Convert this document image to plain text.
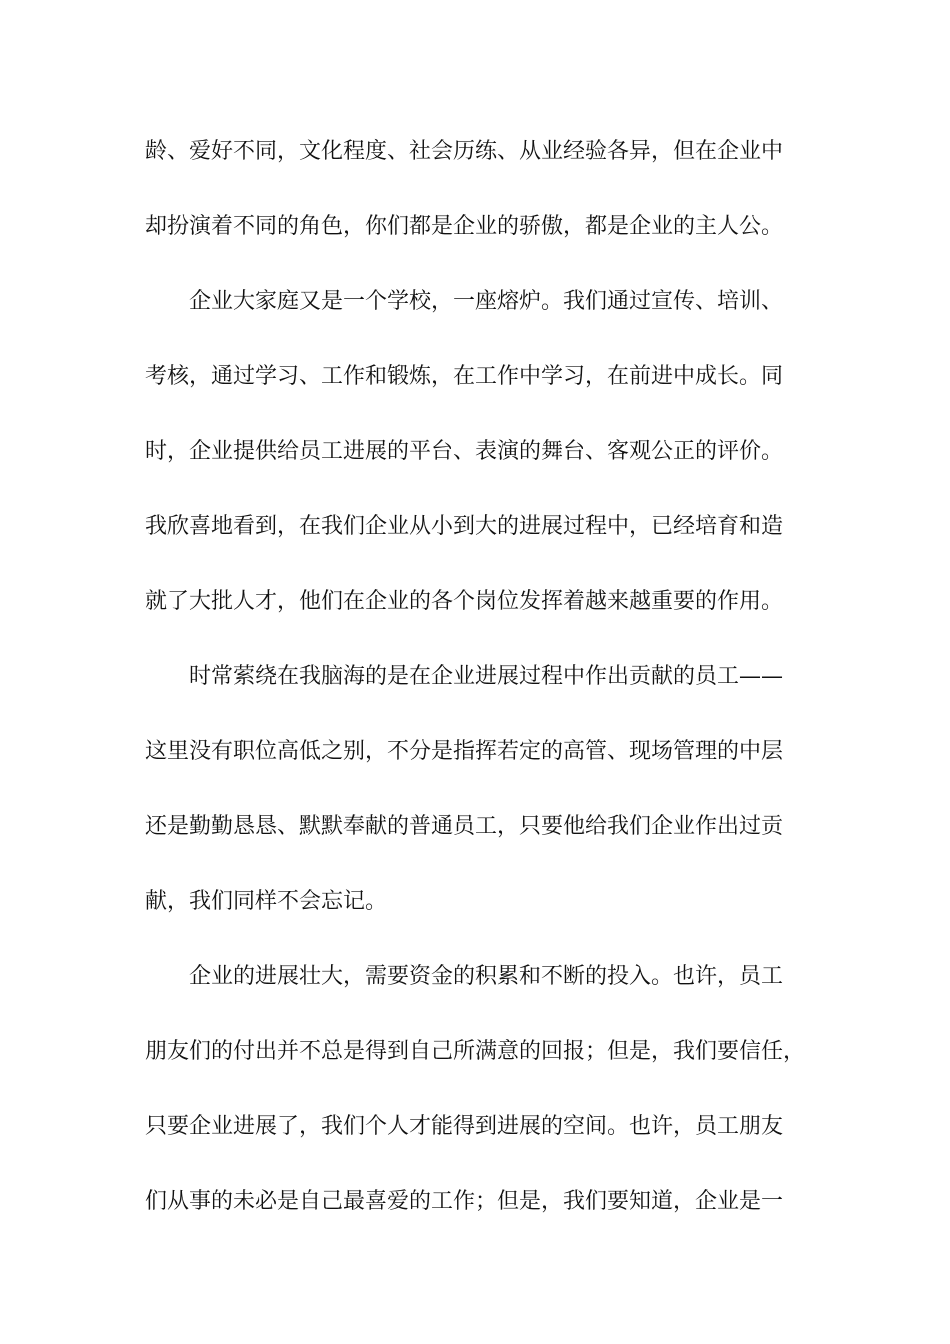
龄、爱好不同，文化程度、社会历练、从业经验各异，但在企业中
却扮演着不同的角色，你们都是企业的骄傲，都是企业的主人公。
企业大家庭又是一个学校，一座熔炉。我们通过宣传、培训、
考核，通过学习、工作和锻炼，在工作中学习，在前进中成长。同
时，企业提供给员工进展的平台、表演的舞台、客观公正的评价。
我欣喜地看到，在我们企业从小到大的进展过程中，已经培育和造
就了大批人才，他们在企业的各个岗位发挥着越来越重要的作用。
时常萦绕在我脑海的是在企业进展过程中作出贡献的员工——
这里没有职位高低之别，不分是指挥若定的高管、现场管理的中层
还是勤勤恳恳、默默奉献的普通员工，只要他给我们企业作出过贡
献，我们同样不会忘记。
企业的进展壮大，需要资金的积累和不断的投入。也许，员工
朋友们的付出并不总是得到自己所满意的回报；但是，我们要信任，
只要企业进展了，我们个人才能得到进展的空间。也许，员工朋友
们从事的未必是自己最喜爱的工作；但是，我们要知道，企业是一
